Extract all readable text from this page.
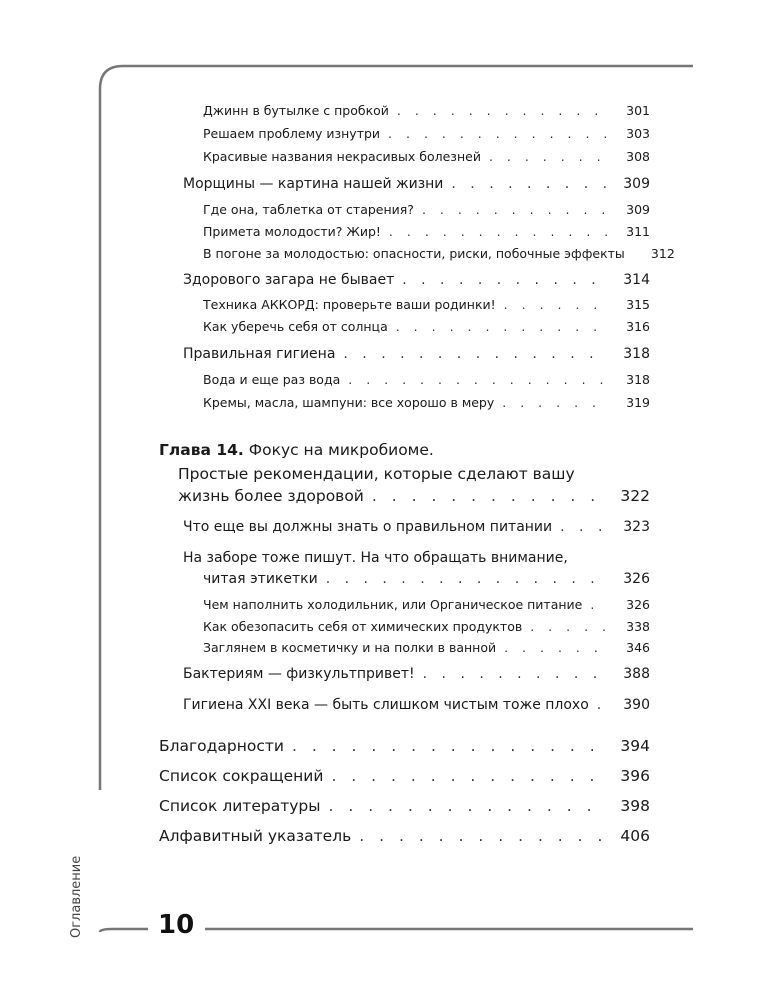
Оглавление	10
Джинн в бутылке с пробкой . . .	301
Решаем проблему изнутри . . .	303
Красивые названия некрасивых болезней . . .	308
Морщины — картина нашей жизни . . .	309
Где она, таблетка от старения? . . .	309
Примета молодости? Жир! . . .	311
В погоне за молодостью: опасности, риски, побочные эффекты	312
Здорового загара не бывает . . .	314
Техника АККОРД: проверьте ваши родинки! . . .	315
Как уберечь себя от солнца . . .	316
Правильная гигиена . . .	318
Вода и еще раз вода . . .	318
Кремы, масла, шампуни: все хорошо в меру . . .	319
Глава 14. Фокус на микробиоме.
Простые рекомендации, которые сделают вашу
жизнь более здоровой . . .	322
Что еще вы должны знать о правильном питании . . .	323
На заборе тоже пишут. На что обращать внимание,
читая этикетки . . .	326
Чем наполнить холодильник, или Органическое питание . . .	326
Как обезопасить себя от химических продуктов . . .	338
Заглянем в косметичку и на полки в ванной . . .	346
Бактериям — физкультпривет! . . .	388
Гигиена XXI века — быть слишком чистым тоже плохо . . .	390
Благодарности . . .	394
Список сокращений . . .	396
Список литературы . . .	398
Алфавитный указатель . . .	406
